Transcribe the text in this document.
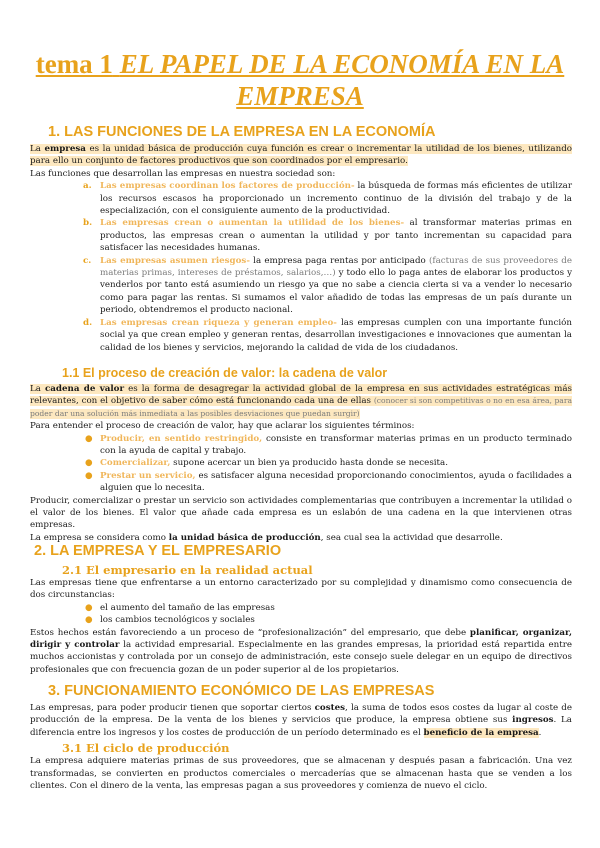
tema 1 EL PAPEL DE LA ECONOMÍA EN LA EMPRESA
1. LAS FUNCIONES DE LA EMPRESA EN LA ECONOMÍA

La empresa es la unidad básica de producción cuya función es crear o incrementar la utilidad de los bienes, utilizando para ello un conjunto de factores productivos que son coordinados por el empresario.

Las funciones que desarrollan las empresas en nuestra sociedad son:

a. Las empresas coordinan los factores de producción- la búsqueda de formas más eficientes de utilizar los recursos escasos ha proporcionado un incremento continuo de la división del trabajo y de la especialización, con el consiguiente aumento de la productividad.

b. Las empresas crean o aumentan la utilidad de los bienes- al transformar materias primas en productos, las empresas crean o aumentan la utilidad y por tanto incrementan su capacidad para satisfacer las necesidades humanas.

c. Las empresas asumen riesgos- la empresa paga rentas por anticipado (facturas de sus proveedores de materias primas, intereses de préstamos, salarios,…) y todo ello lo paga antes de elaborar los productos y venderlos por tanto está asumiendo un riesgo ya que no sabe a ciencia cierta si va a vender lo necesario como para pagar las rentas. Si sumamos el valor añadido de todas las empresas de un país durante un periodo, obtendremos el producto nacional.

d. Las empresas crean riqueza y generan empleo- las empresas cumplen con una importante función social ya que crean empleo y generan rentas, desarrollan investigaciones e innovaciones que aumentan la calidad de los bienes y servicios, mejorando la calidad de vida de los ciudadanos.

1.1 El proceso de creación de valor: la cadena de valor

La cadena de valor es la forma de desagregar la actividad global de la empresa en sus actividades estratégicas más relevantes, con el objetivo de saber cómo está funcionando cada una de ellas (conocer si son competitivas o no en esa área, para poder dar una solución más inmediata a las posibles desviaciones que puedan surgir)

Para entender el proceso de creación de valor, hay que aclarar los siguientes términos:

● Producir, en sentido restringido, consiste en transformar materias primas en un producto terminado con la ayuda de capital y trabajo.

● Comercializar, supone acercar un bien ya producido hasta donde se necesita.

● Prestar un servicio, es satisfacer alguna necesidad proporcionando conocimientos, ayuda o facilidades a alguien que lo necesita.

Producir, comercializar o prestar un servicio son actividades complementarias que contribuyen a incrementar la utilidad o el valor de los bienes. El valor que añade cada empresa es un eslabón de una cadena en la que intervienen otras empresas.

La empresa se considera como la unidad básica de producción, sea cual sea la actividad que desarrolle.

2. LA EMPRESA Y EL EMPRESARIO
2.1 El empresario en la realidad actual

Las empresas tiene que enfrentarse a un entorno caracterizado por su complejidad y dinamismo como consecuencia de dos circunstancias:

● el aumento del tamaño de las empresas
● los cambios tecnológicos y sociales

Estos hechos están favoreciendo a un proceso de “profesionalización” del empresario, que debe planificar, organizar, dirigir y controlar la actividad empresarial. Especialmente en las grandes empresas, la prioridad está repartida entre muchos accionistas y controlada por un consejo de administración, este consejo suele delegar en un equipo de directivos profesionales que con frecuencia gozan de un poder superior al de los propietarios.

3. FUNCIONAMIENTO ECONÓMICO DE LAS EMPRESAS

Las empresas, para poder producir tienen que soportar ciertos costes, la suma de todos esos costes da lugar al coste de producción de la empresa. De la venta de los bienes y servicios que produce, la empresa obtiene sus ingresos. La diferencia entre los ingresos y los costes de producción de un período determinado es el beneficio de la empresa.

3.1 El ciclo de producción

La empresa adquiere materias primas de sus proveedores, que se almacenan y después pasan a fabricación. Una vez transformadas, se convierten en productos comerciales o mercaderías que se almacenan hasta que se venden a los clientes. Con el dinero de la venta, las empresas pagan a sus proveedores y comienza de nuevo el ciclo.
